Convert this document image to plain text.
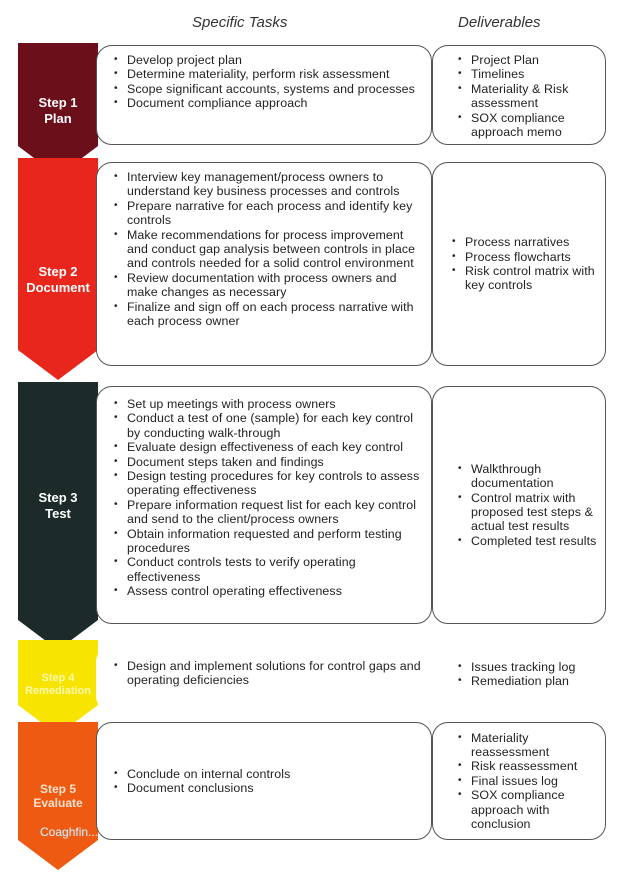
Specific Tasks	Deliverables
Step 1
Plan
• Develop project plan
• Determine materiality, perform risk assessment
• Scope significant accounts, systems and processes
• Document compliance approach
• Project Plan
• Timelines
• Materiality & Risk assessment
• SOX compliance approach memo
Step 2
Document
• Interview key management/process owners to understand key business processes and controls
• Prepare narrative for each process and identify key controls
• Make recommendations for process improvement and conduct gap analysis between controls in place and controls needed for a solid control environment
• Review documentation with process owners and make changes as necessary
• Finalize and sign off on each process narrative with each process owner
• Process narratives
• Process flowcharts
• Risk control matrix with key controls
Step 3
Test
• Set up meetings with process owners
• Conduct a test of one (sample) for each key control by conducting walk-through
• Evaluate design effectiveness of each key control
• Document steps taken and findings
• Design testing procedures for key controls to assess operating effectiveness
• Prepare information request list for each key control and send to the client/process owners
• Obtain information requested and perform testing procedures
• Conduct controls tests to verify operating effectiveness
• Assess control operating effectiveness
• Walkthrough documentation
• Control matrix with proposed test steps & actual test results
• Completed test results
Step 4
Remediation
• Design and implement solutions for control gaps and operating deficiencies
• Issues tracking log
• Remediation plan
Step 5
Evaluate
• Conclude on internal controls
• Document conclusions
• Materiality reassessment
• Risk reassessment
• Final issues log
• SOX compliance approach with conclusion
Coaghfin...
